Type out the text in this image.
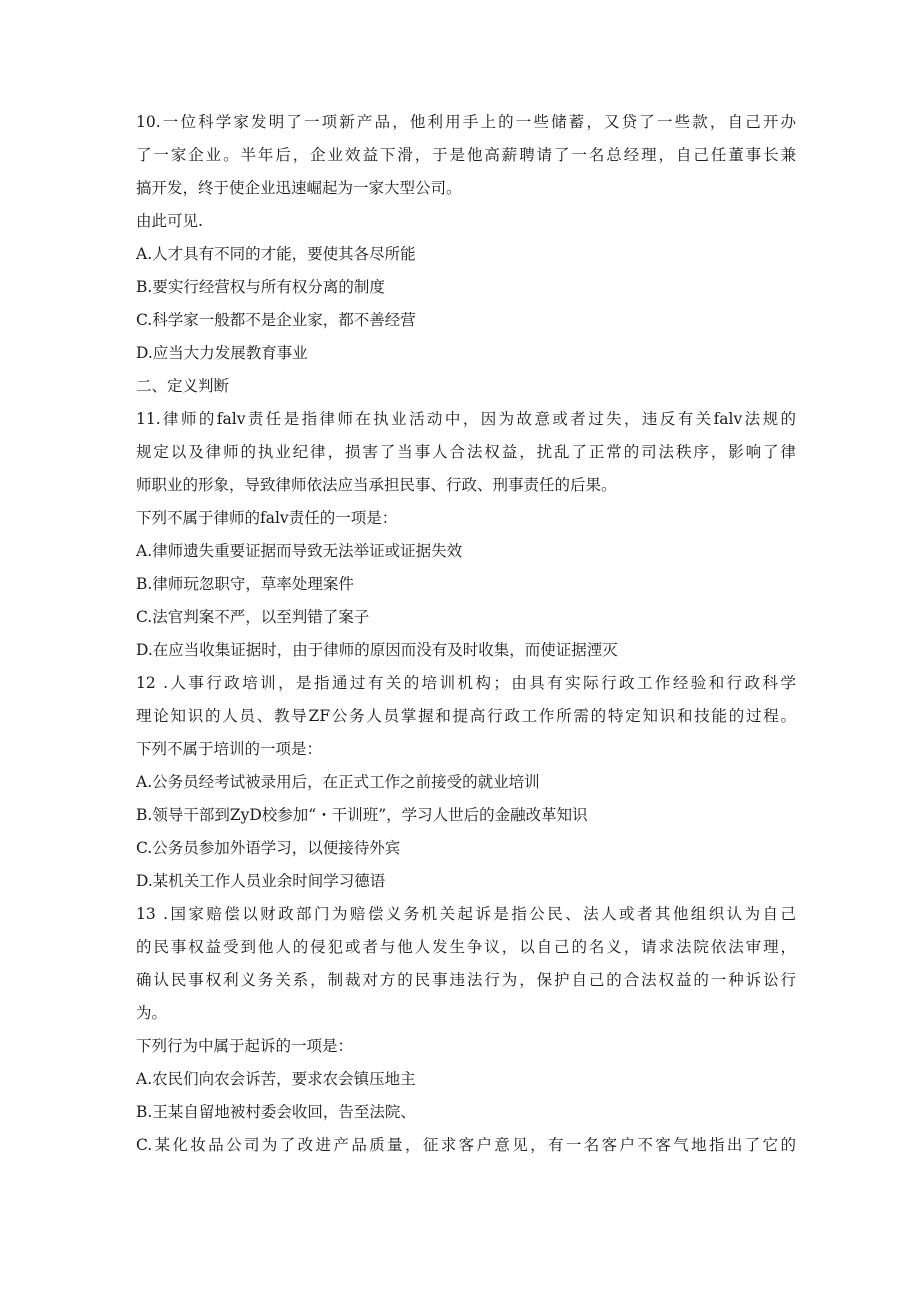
10.一位科学家发明了一项新产品，他利用手上的一些储蓄，又贷了一些款，自己开办
了一家企业。半年后，企业效益下滑，于是他高薪聘请了一名总经理，自己任董事长兼
搞开发，终于使企业迅速崛起为一家大型公司。
由此可见.
A.人才具有不同的才能，要使其各尽所能
B.要实行经营权与所有权分离的制度
C.科学家一般都不是企业家，都不善经营
D.应当大力发展教育事业
二、定义判断
11.律师的falv责任是指律师在执业活动中，因为故意或者过失，违反有关falv法规的
规定以及律师的执业纪律，损害了当事人合法权益，扰乱了正常的司法秩序，影响了律
师职业的形象，导致律师依法应当承担民事、行政、刑事责任的后果。
下列不属于律师的falv责任的一项是：
A.律师遗失重要证据而导致无法举证或证据失效
B.律师玩忽职守，草率处理案件
C.法官判案不严，以至判错了案子
D.在应当收集证据时，由于律师的原因而没有及时收集，而使证据湮灭
12 .人事行政培训，是指通过有关的培训机构；由具有实际行政工作经验和行政科学
理论知识的人员、教导ZF公务人员掌握和提高行政工作所需的特定知识和技能的过程。
下列不属于培训的一项是：
A.公务员经考试被录用后，在正式工作之前接受的就业培训
B.领导干部到ZyD校参加“・干训班”，学习人世后的金融改革知识
C.公务员参加外语学习，以便接待外宾
D.某机关工作人员业余时间学习德语
13 .国家赔偿以财政部门为赔偿义务机关起诉是指公民、法人或者其他组织认为自己
的民事权益受到他人的侵犯或者与他人发生争议，以自己的名义，请求法院依法审理，
确认民事权利义务关系，制裁对方的民事违法行为，保护自己的合法权益的一种诉讼行
为。
下列行为中属于起诉的一项是：
A.农民们向农会诉苦，要求农会镇压地主
B.王某自留地被村委会收回，告至法院、
C.某化妆品公司为了改进产品质量，征求客户意见，有一名客户不客气地指出了它的
